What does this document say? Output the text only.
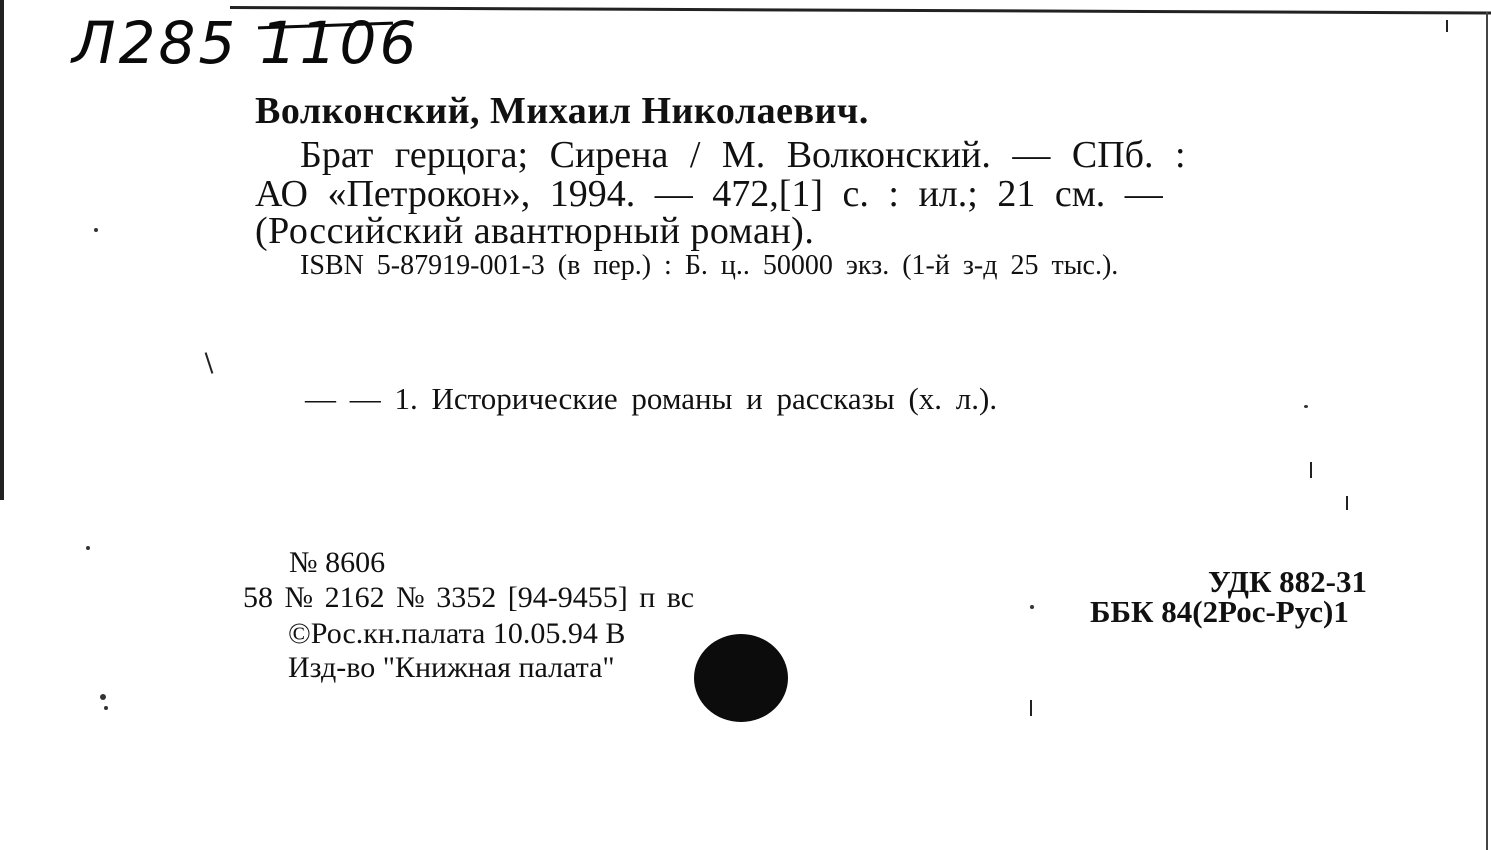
Л285 1106
Волконский, Михаил Николаевич.
Брат герцога; Сирена / М. Волконский. — СПб. :
АО «Петрокон», 1994. — 472,[1] с. : ил.; 21 см. —
(Российский авантюрный роман).
ISBN 5-87919-001-3 (в пер.) : Б. ц.. 50000 экз. (1-й з-д 25 тыс.).
— — 1. Исторические романы и рассказы (х. л.).
№ 8606
58 № 2162 № 3352 [94-9455] п вс
©Рос.кн.палата 10.05.94 В
Изд-во "Книжная палата"
УДК 882-31
ББК 84(2Рос-Рус)1
